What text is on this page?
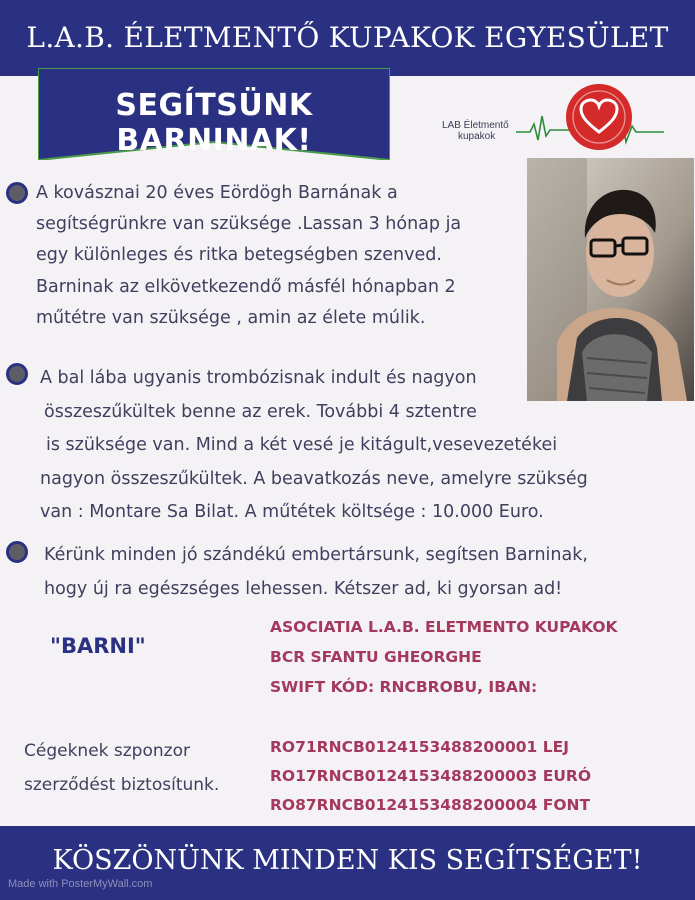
L.A.B. ÉLETMENTŐ KUPAKOK EGYESÜLET
SEGÍTSÜNK BARNINAK!	LAB Életmentő
kupakok
A kovásznai 20 éves Eördögh Barnának a
segítségrünkre van szüksége .Lassan 3 hónap ja
egy különleges és ritka betegségben szenved.
Barninak az elkövetkezendő másfél hónapban 2
műtétre van szüksége , amin az élete múlik.
A bal lába ugyanis trombózisnak indult és nagyon
összeszűkültek benne az erek. További 4 sztentre
is szüksége van. Mind a két vesé je kitágult,vesevezetékei
nagyon összeszűkültek. A beavatkozás neve, amelyre szükség
van : Montare Sa Bilat. A műtétek költsége : 10.000 Euro.
Kérünk minden jó szándékú embertársunk, segítsen Barninak,
hogy új ra egészséges lehessen. Kétszer ad, ki gyorsan ad!
"BARNI"
ASOCIATIA L.A.B. ELETMENTO KUPAKOK
BCR SFANTU GHEORGHE
SWIFT KÓD: RNCBROBU, IBAN:
Cégeknek szponzor
szerződést biztosítunk.
RO71RNCB0124153488200001 LEJ
RO17RNCB0124153488200003 EURÓ
RO87RNCB0124153488200004 FONT
KÖSZÖNÜNK MINDEN KIS SEGÍTSÉGET!
Made with PosterMyWall.com
